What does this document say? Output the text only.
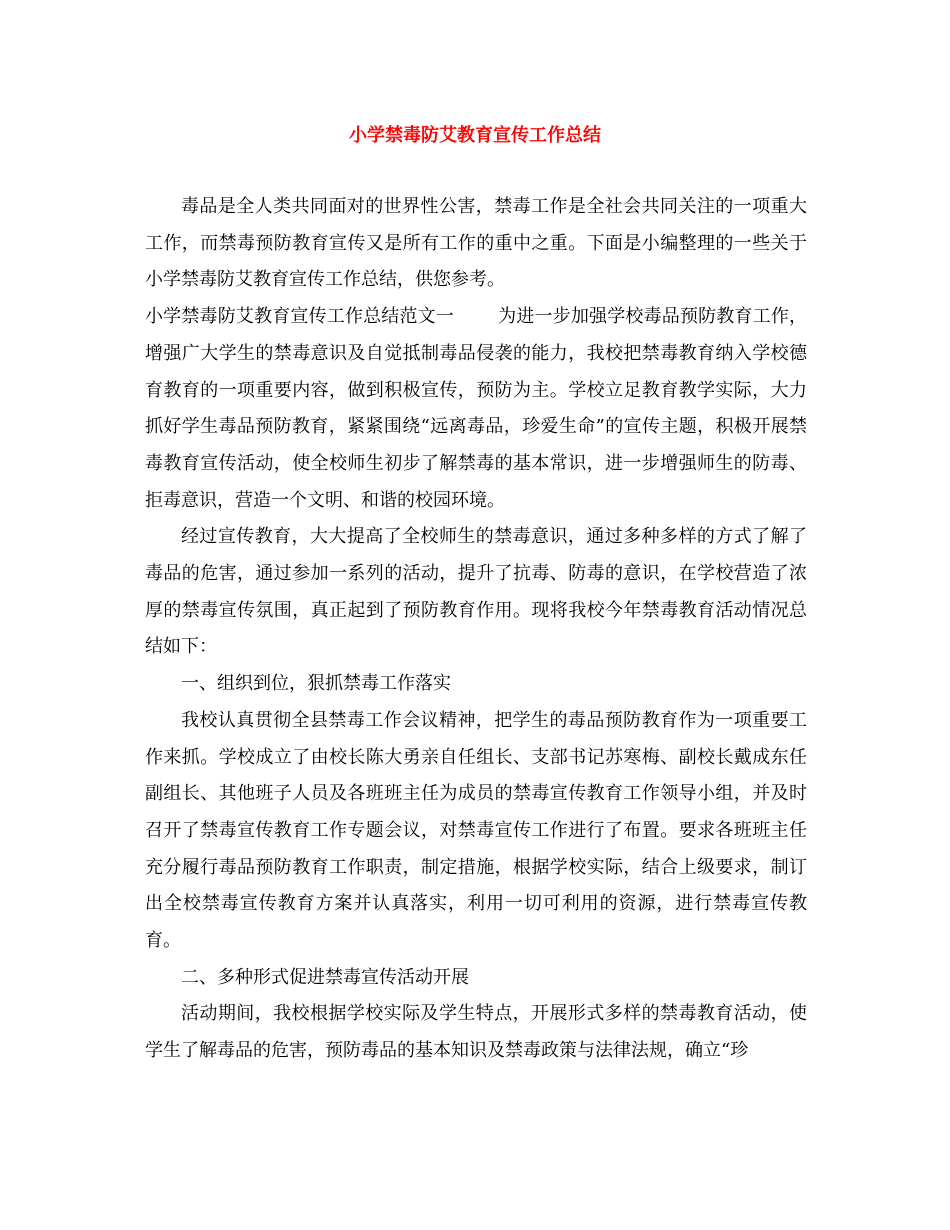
小学禁毒防艾教育宣传工作总结

毒品是全人类共同面对的世界性公害，禁毒工作是全社会共同关注的一项重大工作，而禁毒预防教育宣传又是所有工作的重中之重。下面是小编整理的一些关于小学禁毒防艾教育宣传工作总结，供您参考。

小学禁毒防艾教育宣传工作总结范文一 为进一步加强学校毒品预防教育工作，增强广大学生的禁毒意识及自觉抵制毒品侵袭的能力，我校把禁毒教育纳入学校德育教育的一项重要内容，做到积极宣传，预防为主。学校立足教育教学实际，大力抓好学生毒品预防教育，紧紧围绕“远离毒品，珍爱生命”的宣传主题，积极开展禁毒教育宣传活动，使全校师生初步了解禁毒的基本常识，进一步增强师生的防毒、拒毒意识，营造一个文明、和谐的校园环境。

经过宣传教育，大大提高了全校师生的禁毒意识，通过多种多样的方式了解了毒品的危害，通过参加一系列的活动，提升了抗毒、防毒的意识，在学校营造了浓厚的禁毒宣传氛围，真正起到了预防教育作用。现将我校今年禁毒教育活动情况总结如下：

一、组织到位，狠抓禁毒工作落实

我校认真贯彻全县禁毒工作会议精神，把学生的毒品预防教育作为一项重要工作来抓。学校成立了由校长陈大勇亲自任组长、支部书记苏寒梅、副校长戴成东任副组长、其他班子人员及各班班主任为成员的禁毒宣传教育工作领导小组，并及时召开了禁毒宣传教育工作专题会议，对禁毒宣传工作进行了布置。要求各班班主任充分履行毒品预防教育工作职责，制定措施，根据学校实际，结合上级要求，制订出全校禁毒宣传教育方案并认真落实，利用一切可利用的资源，进行禁毒宣传教育。

二、多种形式促进禁毒宣传活动开展

活动期间，我校根据学校实际及学生特点，开展形式多样的禁毒教育活动，使学生了解毒品的危害，预防毒品的基本知识及禁毒政策与法律法规，确立“珍
